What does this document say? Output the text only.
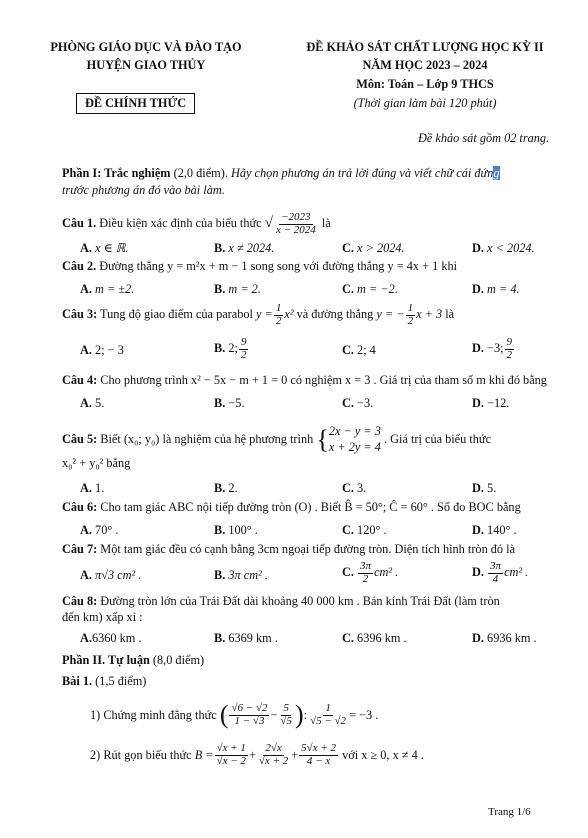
PHÒNG GIÁO DỤC VÀ ĐÀO TẠO
HUYỆN GIAO THỦY
ĐỀ CHÍNH THỨC
ĐỀ KHẢO SÁT CHẤT LƯỢNG HỌC KỲ II
NĂM HỌC 2023 – 2024
Môn: Toán – Lớp 9 THCS
(Thời gian làm bài 120 phút)
Đề khảo sát gồm 02 trang.
Phần I: Trắc nghiệm (2,0 điểm). Hãy chọn phương án trả lời đúng và viết chữ cái đứng
trước phương án đó vào bài làm.
Câu 1. Điều kiện xác định của biểu thức √ $\frac{-2023}{x - 2024}$ là
A. x ∈ ℝ.	B. x ≠ 2024.	C. x > 2024.	D. x < 2024.
Câu 2. Đường thẳng y = m²x + m − 1 song song với đường thẳng y = 4x + 1 khi
A. m = ±2.	B. m = 2.	C. m = −2.	D. m = 4.
Câu 3: Tung độ giao điểm của parabol $y = \frac{1}{2} x^2$ và đường thẳng y = − $\frac{1}{2}$ x + 3 là
A. 2; − 3	B. 2; $\frac{9}{2}$	C. 2; 4	D. −3; $\frac{9}{2}$
Câu 4: Cho phương trình x² − 5x − m + 1 = 0 có nghiệm x = 3 . Giá trị của tham số m khi đó bằng
A. 5.	B. −5.	C. −3.	D. −12.
Câu 5: Biết (x₀; y₀) là nghiệm của hệ phương trình {2x − y = 3
x + 2y = 4 . Giá trị của biểu thức
x₀² + y₀² bằng
A. 1.	B. 2.	C. 3.	D. 5.
Câu 6: Cho tam giác ABC nội tiếp đường tròn (O) . Biết B̂ = 50°; Ĉ = 60° . Số đo BOC bằng
A. 70° .	B. 100° .	C. 120° .	D. 140° .
Câu 7: Một tam giác đều có cạnh bằng 3cm ngoại tiếp đường tròn. Diện tích hình tròn đó là
A. π√3 cm² .	B. 3π cm² .	C. $\frac{3\pi}{2} cm^2$ .	D. $\frac{3\pi}{4} cm^2$ .
Câu 8: Đường tròn lớn của Trái Đất dài khoảng 40 000 km . Bán kính Trái Đất (làm tròn
đến km) xấp xỉ :
A.6360 km .	B. 6369 km .	C. 6396 km .	D. 6936 km .
Phần II. Tự luận (8,0 điểm)
Bài 1. (1,5 điểm)
1) Chứng minh đẳng thức
( $\frac{√6 - √2}{1 - √3} - \frac{5}{√5}$ ) : $\frac{1}{√5 - √2} = -3$ .
2) Rút gọn biểu thức
$B = \frac{√x + 1}{√x - 2} + \frac{2√x}{√x + 2} + \frac{5√x + 2}{4 - x}$
với x ≥ 0, x ≠ 4 .
Trang 1/6
